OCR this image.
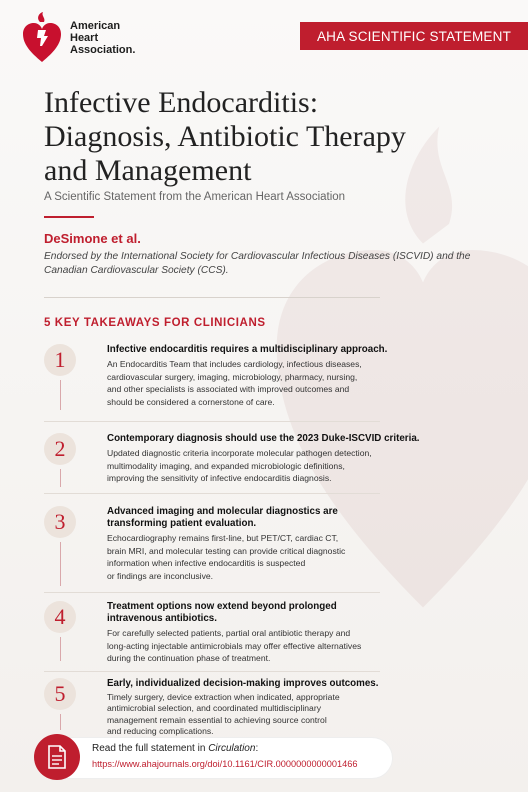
American
Heart
Association.
AHA SCIENTIFIC STATEMENT
Infective Endocarditis:
Diagnosis, Antibiotic Therapy
and Management
A Scientific Statement from the American Heart Association
DeSimone et al.
Endorsed by the International Society for Cardiovascular Infectious Diseases (ISCVID) and the Canadian Cardiovascular Society (CCS).
5 KEY TAKEAWAYS FOR CLINICIANS
1	Infective endocarditis requires a multidisciplinary approach.
An Endocarditis Team that includes cardiology, infectious diseases,
cardiovascular surgery, imaging, microbiology, pharmacy, nursing,
and other specialists is associated with improved outcomes and
should be considered a cornerstone of care.
2	Contemporary diagnosis should use the 2023 Duke-ISCVID criteria.
Updated diagnostic criteria incorporate molecular pathogen detection,
multimodality imaging, and expanded microbiologic definitions,
improving the sensitivity of infective endocarditis diagnosis.
3	Advanced imaging and molecular diagnostics are
transforming patient evaluation.
Echocardiography remains first-line, but PET/CT, cardiac CT,
brain MRI, and molecular testing can provide critical diagnostic
information when infective endocarditis is suspected
or findings are inconclusive.
4	Treatment options now extend beyond prolonged
intravenous antibiotics.
For carefully selected patients, partial oral antibiotic therapy and
long-acting injectable antimicrobials may offer effective alternatives
during the continuation phase of treatment.
5	Early, individualized decision-making improves outcomes.
Timely surgery, device extraction when indicated, appropriate
antimicrobial selection, and coordinated multidisciplinary
management remain essential to achieving source control
and reducing complications.
Read the full statement in Circulation:
https://www.ahajournals.org/doi/10.1161/CIR.0000000000001466
